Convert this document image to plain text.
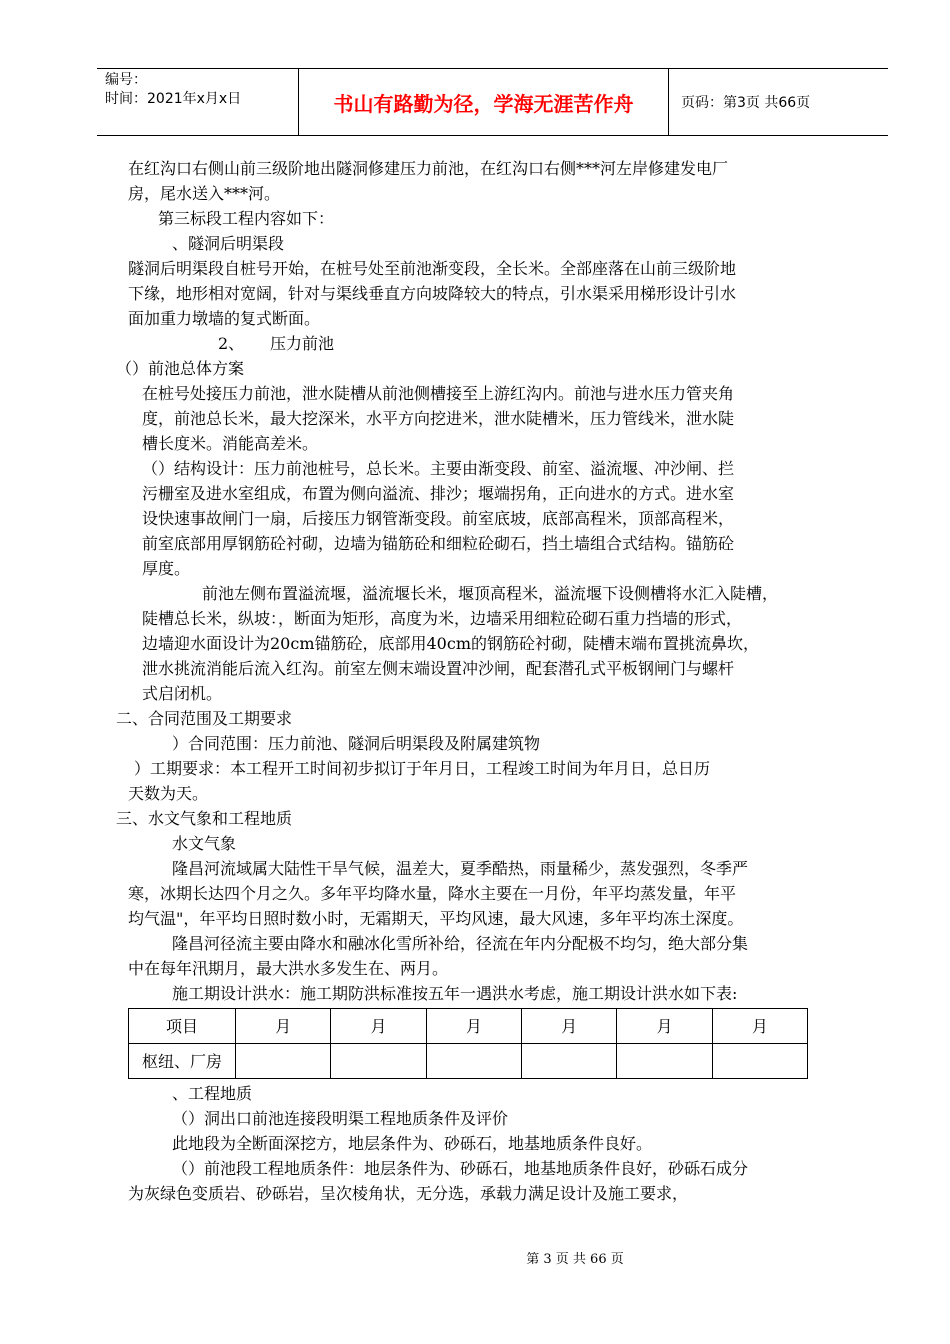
编号：
时间：2021年x月x日	书山有路勤为径，学海无涯苦作舟	页码：第3页 共66页

在红沟口右侧山前三级阶地出隧洞修建压力前池，在红沟口右侧***河左岸修建发电厂

房，尾水送入***河。

第三标段工程内容如下：

、隧洞后明渠段

隧洞后明渠段自桩号开始，在桩号处至前池渐变段，全长米。全部座落在山前三级阶地

下缘，地形相对宽阔，针对与渠线垂直方向坡降较大的特点，引水渠采用梯形设计引水

面加重力墩墙的复式断面。

2、 压力前池

（）前池总体方案

在桩号处接压力前池，泄水陡槽从前池侧槽接至上游红沟内。前池与进水压力管夹角

度，前池总长米，最大挖深米，水平方向挖进米，泄水陡槽米，压力管线米，泄水陡

槽长度米。消能高差米。

（）结构设计：压力前池桩号，总长米。主要由渐变段、前室、溢流堰、冲沙闸、拦

污栅室及进水室组成，布置为侧向溢流、排沙；堰端拐角，正向进水的方式。进水室

设快速事故闸门一扇，后接压力钢管渐变段。前室底坡，底部高程米，顶部高程米，

前室底部用厚钢筋砼衬砌，边墙为锚筋砼和细粒砼砌石，挡土墙组合式结构。锚筋砼

厚度。

前池左侧布置溢流堰，溢流堰长米，堰顶高程米，溢流堰下设侧槽将水汇入陡槽，

陡槽总长米，纵坡：，断面为矩形，高度为米，边墙采用细粒砼砌石重力挡墙的形式，

边墙迎水面设计为20cm锚筋砼，底部用40cm的钢筋砼衬砌，陡槽末端布置挑流鼻坎，

泄水挑流消能后流入红沟。前室左侧末端设置冲沙闸，配套潜孔式平板钢闸门与螺杆

式启闭机。

二、合同范围及工期要求

）合同范围：压力前池、隧洞后明渠段及附属建筑物

）工期要求：本工程开工时间初步拟订于年月日，工程竣工时间为年月日，总日历

天数为天。

三、水文气象和工程地质

水文气象

隆昌河流域属大陆性干旱气候，温差大，夏季酷热，雨量稀少，蒸发强烈，冬季严

寒，冰期长达四个月之久。多年平均降水量，降水主要在一月份，年平均蒸发量，年平

均气温"，年平均日照时数小时，无霜期天，平均风速，最大风速，多年平均冻土深度。

隆昌河径流主要由降水和融冰化雪所补给，径流在年内分配极不均匀，绝大部分集

中在每年汛期月，最大洪水多发生在、两月。

施工期设计洪水：施工期防洪标准按五年一遇洪水考虑，施工期设计洪水如下表:

项目	月	月	月	月	月	月
枢纽、厂房						

、工程地质

（）洞出口前池连接段明渠工程地质条件及评价

此地段为全断面深挖方，地层条件为、砂砾石，地基地质条件良好。

（）前池段工程地质条件：地层条件为、砂砾石，地基地质条件良好，砂砾石成分

为灰绿色变质岩、砂砾岩，呈次棱角状，无分选，承载力满足设计及施工要求，

第 3 页 共 66 页
